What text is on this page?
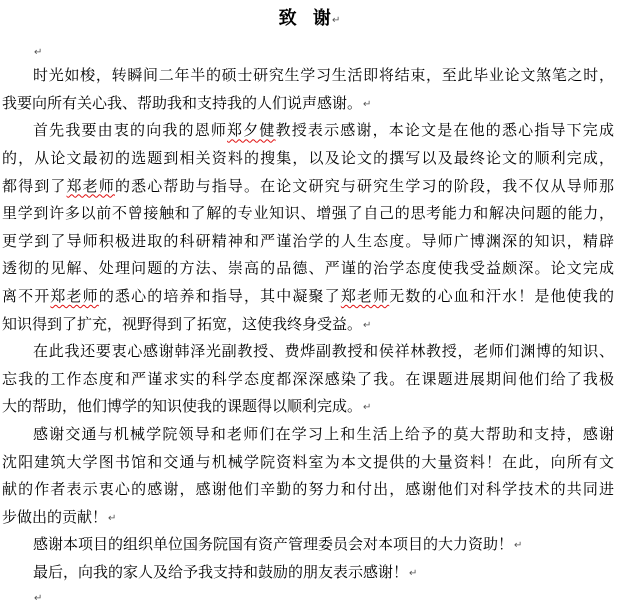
致 谢↵
↵
时光如梭，转瞬间二年半的硕士研究生学习生活即将结束，至此毕业论文煞笔之时，
我要向所有关心我、帮助我和支持我的人们说声感谢。↵
首先我要由衷的向我的恩师郑夕健教授表示感谢，本论文是在他的悉心指导下完成
的，从论文最初的选题到相关资料的搜集，以及论文的撰写以及最终论文的顺利完成，
都得到了郑老师的悉心帮助与指导。在论文研究与研究生学习的阶段，我不仅从导师那
里学到许多以前不曾接触和了解的专业知识、增强了自己的思考能力和解决问题的能力，
更学到了导师积极进取的科研精神和严谨治学的人生态度。导师广博渊深的知识，精辟
透彻的见解、处理问题的方法、崇高的品德、严谨的治学态度使我受益颇深。论文完成
离不开郑老师的悉心的培养和指导，其中凝聚了郑老师无数的心血和汗水！是他使我的
知识得到了扩充，视野得到了拓宽，这使我终身受益。↵
在此我还要衷心感谢韩泽光副教授、费烨副教授和侯祥林教授，老师们渊博的知识、
忘我的工作态度和严谨求实的科学态度都深深感染了我。在课题进展期间他们给了我极
大的帮助，他们博学的知识使我的课题得以顺利完成。↵
感谢交通与机械学院领导和老师们在学习上和生活上给予的莫大帮助和支持，感谢
沈阳建筑大学图书馆和交通与机械学院资料室为本文提供的大量资料！在此，向所有文
献的作者表示衷心的感谢，感谢他们辛勤的努力和付出，感谢他们对科学技术的共同进
步做出的贡献！↵
感谢本项目的组织单位国务院国有资产管理委员会对本项目的大力资助！↵
最后，向我的家人及给予我支持和鼓励的朋友表示感谢！↵
↵
